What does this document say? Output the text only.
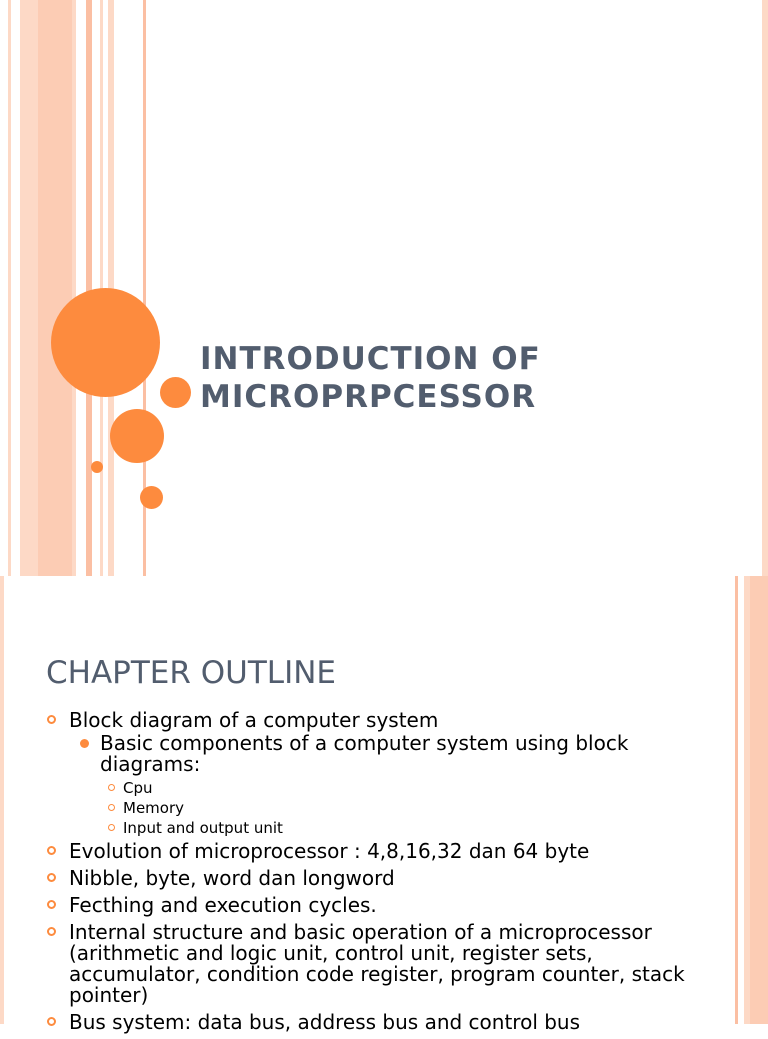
INTRODUCTION OF
MICROPRPCESSOR
CHAPTER OUTLINE
Block diagram of a computer system
Basic components of a computer system using block diagrams:
Cpu
Memory
Input and output unit
Evolution of microprocessor : 4,8,16,32 dan 64 byte
Nibble, byte, word dan longword
Fecthing and execution cycles.
Internal structure and basic operation of a microprocessor (arithmetic and logic unit, control unit, register sets, accumulator, condition code register, program counter, stack pointer)
Bus system: data bus, address bus and control bus
